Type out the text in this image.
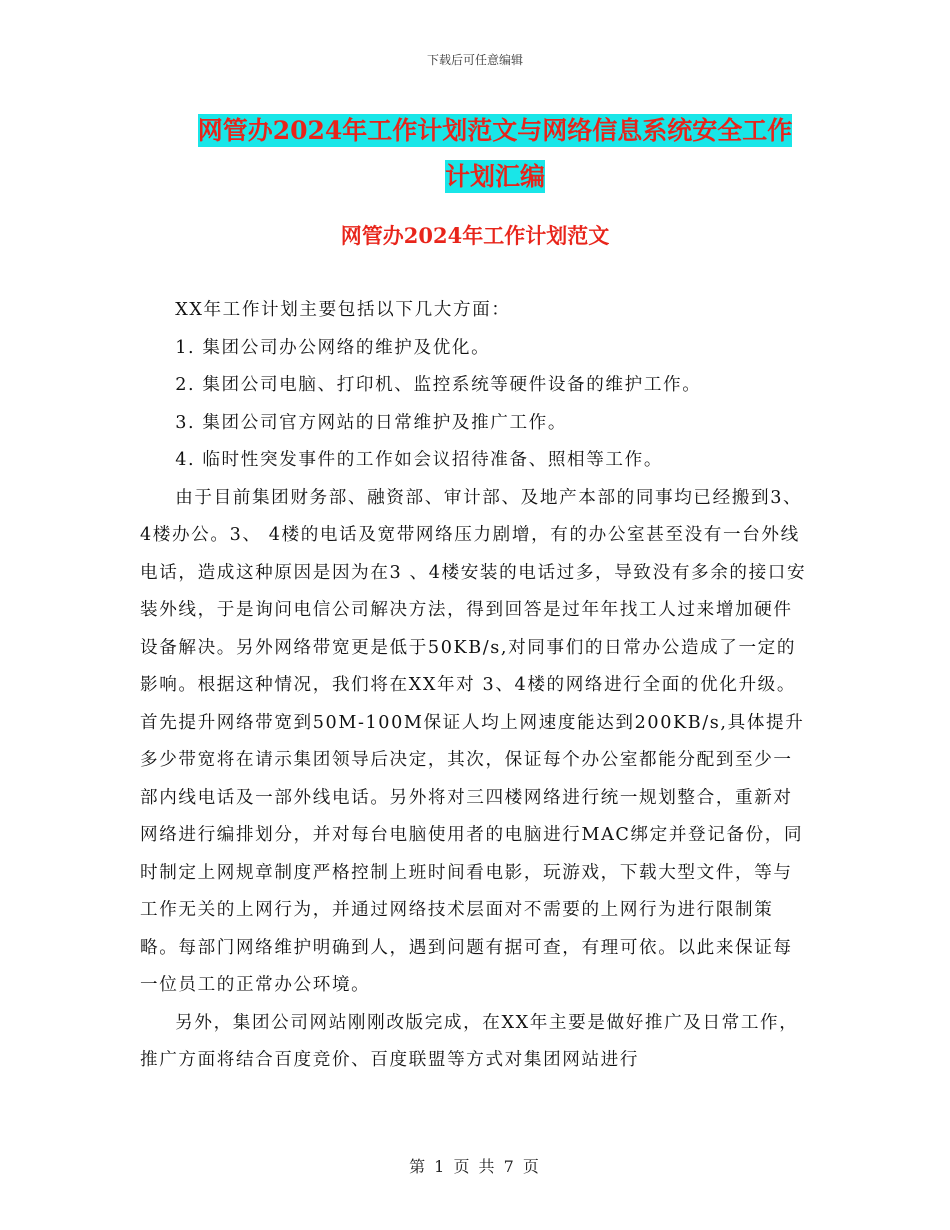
下载后可任意编辑
网管办2024年工作计划范文与网络信息系统安全工作
计划汇编
网管办2024年工作计划范文

XX年工作计划主要包括以下几大方面：

1. 集团公司办公网络的维护及优化。

2. 集团公司电脑、打印机、监控系统等硬件设备的维护工作。

3. 集团公司官方网站的日常维护及推广工作。

4. 临时性突发事件的工作如会议招待准备、照相等工作。

由于目前集团财务部、融资部、审计部、及地产本部的同事均已经搬到3、 4楼办公。3、 4楼的电话及宽带网络压力剧增，有的办公室甚至没有一台外线电话，造成这种原因是因为在3 、4楼安装的电话过多，导致没有多余的接口安装外线，于是询问电信公司解决方法，得到回答是过年年找工人过来增加硬件设备解决。另外网络带宽更是低于50KB/s,对同事们的日常办公造成了一定的影响。根据这种情况，我们将在XX年对 3、4楼的网络进行全面的优化升级。首先提升网络带宽到50M-100M保证人均上网速度能达到200KB/s,具体提升多少带宽将在请示集团领导后决定，其次，保证每个办公室都能分配到至少一部内线电话及一部外线电话。另外将对三四楼网络进行统一规划整合，重新对网络进行编排划分，并对每台电脑使用者的电脑进行MAC绑定并登记备份，同时制定上网规章制度严格控制上班时间看电影，玩游戏，下载大型文件，等与工作无关的上网行为，并通过网络技术层面对不需要的上网行为进行限制策略。每部门网络维护明确到人，遇到问题有据可查，有理可依。以此来保证每一位员工的正常办公环境。

另外，集团公司网站刚刚改版完成，在XX年主要是做好推广及日常工作，推广方面将结合百度竞价、百度联盟等方式对集团网站进行

第 1 页 共 7 页
